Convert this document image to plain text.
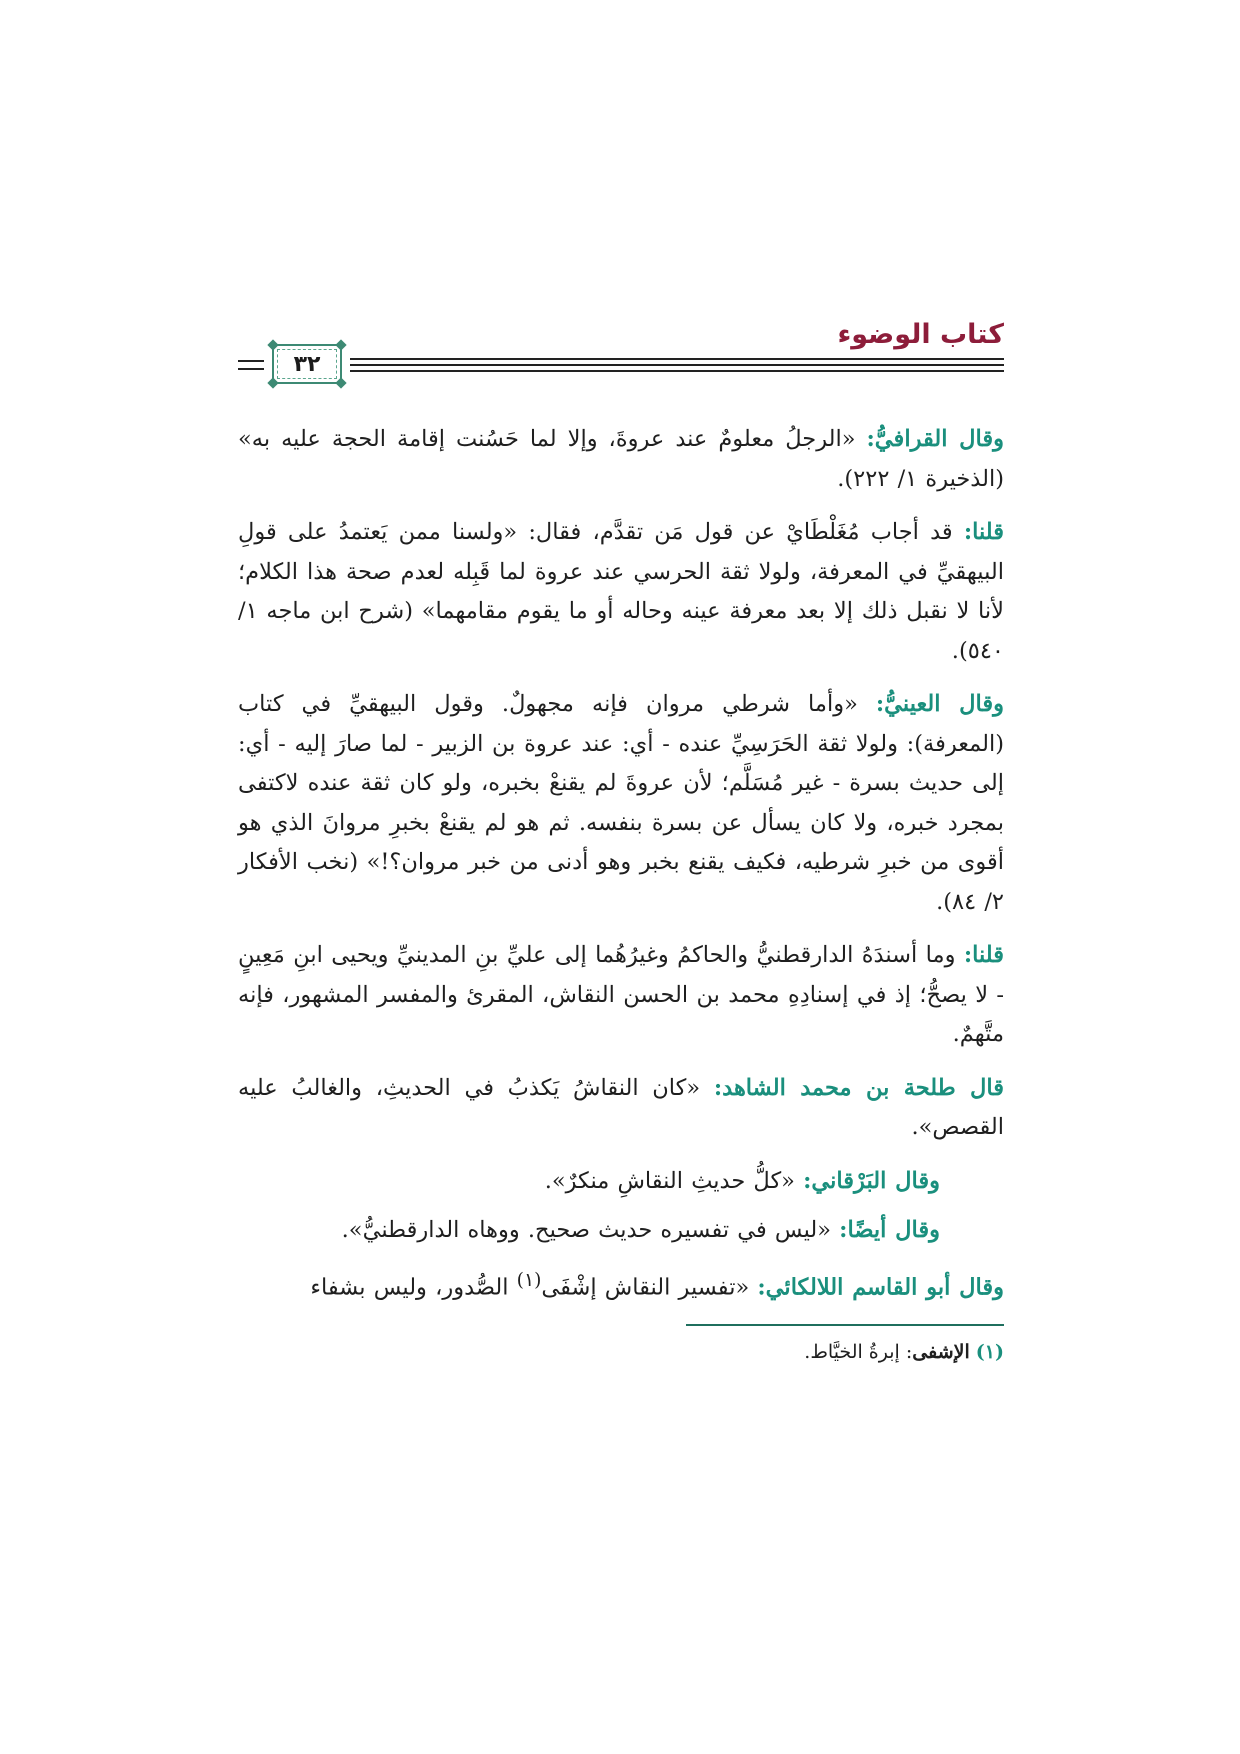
كتاب الوضوء
٣٢

وقال القرافيُّ: «الرجلُ معلومٌ عند عروةَ، وإلا لما حَسُنت إقامة الحجة عليه به» (الذخيرة ١/ ٢٢٢).

قلنا: قد أجاب مُغَلْطَايْ عن قول مَن تقدَّم، فقال: «ولسنا ممن يَعتمدُ على قولِ البيهقيِّ في المعرفة، ولولا ثقة الحرسي عند عروة لما قَبِله لعدم صحة هذا الكلام؛ لأنا لا نقبل ذلك إلا بعد معرفة عينه وحاله أو ما يقوم مقامهما» (شرح ابن ماجه ١/ ٥٤٠).

وقال العينيُّ: «وأما شرطي مروان فإنه مجهولٌ. وقول البيهقيِّ في كتاب (المعرفة): ولولا ثقة الحَرَسِيِّ عنده - أي: عند عروة بن الزبير - لما صارَ إليه - أي: إلى حديث بسرة - غير مُسَلَّم؛ لأن عروةَ لم يقنعْ بخبره، ولو كان ثقة عنده لاكتفى بمجرد خبره، ولا كان يسأل عن بسرة بنفسه. ثم هو لم يقنعْ بخبرِ مروانَ الذي هو أقوى من خبرِ شرطيه، فكيف يقنع بخبر وهو أدنى من خبر مروان؟!» (نخب الأفكار ٢/ ٨٤).

قلنا: وما أسندَهُ الدارقطنيُّ والحاكمُ وغيرُهُما إلى عليِّ بنِ المدينيِّ ويحيى ابنِ مَعِينٍ - لا يصحُّ؛ إذ في إسنادِهِ محمد بن الحسن النقاش، المقرئ والمفسر المشهور، فإنه متَّهمٌ.

قال طلحة بن محمد الشاهد: «كان النقاشُ يَكذبُ في الحديثِ، والغالبُ عليه القصص».

وقال البَرْقاني: «كلُّ حديثِ النقاشِ منكرٌ».

وقال أيضًا: «ليس في تفسيره حديث صحيح. ووهاه الدارقطنيُّ».

وقال أبو القاسم اللالكائي: «تفسير النقاش إشْفَى$^{(١)}$ الصُّدور، وليس بشفاء

(١) الإشفى: إبرةُ الخيَّاط.
